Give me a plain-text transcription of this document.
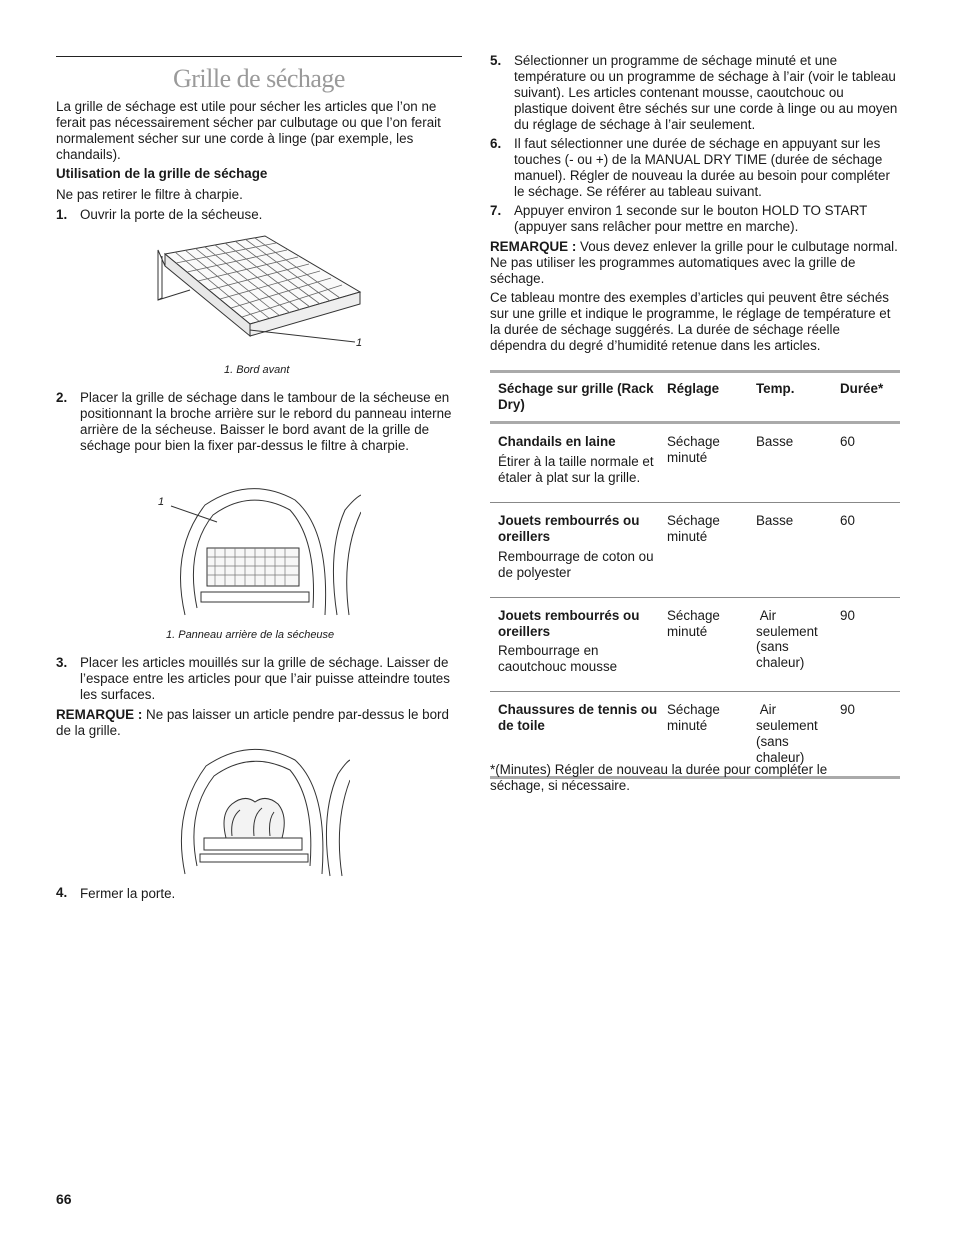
Grille de séchage

La grille de séchage est utile pour sécher les articles que l’on ne ferait pas nécessairement sécher par culbutage ou que l’on ferait normalement sécher sur une corde à linge (par exemple, les chandails).

Utilisation de la grille de séchage

Ne pas retirer le filtre à charpie.

1. Ouvrir la porte de la sécheuse.

1
1. Bord avant
2. Placer la grille de séchage dans le tambour de la sécheuse en positionnant la broche arrière sur le rebord du panneau interne arrière de la sécheuse. Baisser le bord avant de la grille de séchage pour bien la fixer par-dessus le filtre à charpie.

1
1. Panneau arrière de la sécheuse
3. Placer les articles mouillés sur la grille de séchage. Laisser de l’espace entre les articles pour que l’air puisse atteindre toutes les surfaces.

REMARQUE : Ne pas laisser un article pendre par-dessus le bord de la grille.

4. Fermer la porte.

5. Sélectionner un programme de séchage minuté et une température ou un programme de séchage à l’air (voir le tableau suivant). Les articles contenant mousse, caoutchouc ou plastique doivent être séchés sur une corde à linge ou au moyen du réglage de séchage à l’air seulement.

6. Il faut sélectionner une durée de séchage en appuyant sur les touches (- ou +) de la MANUAL DRY TIME (durée de séchage manuel). Régler de nouveau la durée au besoin pour compléter le séchage. Se référer au tableau suivant.

7. Appuyer environ 1 seconde sur le bouton HOLD TO START (appuyer sans relâcher pour mettre en marche).

REMARQUE : Vous devez enlever la grille pour le culbutage normal. Ne pas utiliser les programmes automatiques avec la grille de séchage.

Ce tableau montre des exemples d’articles qui peuvent être séchés sur une grille et indique le programme, le réglage de température et la durée de séchage suggérés. La durée de séchage réelle dépendra du degré d’humidité retenue dans les articles.

Séchage sur grille (Rack Dry)	Réglage	Temp.	Durée*

Chandails en laine
Étirer à la taille normale et étaler à plat sur la grille.	Séchage minuté	Basse	60

Jouets rembourrés ou oreillers
Rembourrage de coton ou de polyester	Séchage minuté	Basse	60

Jouets rembourrés ou oreillers
Rembourrage en caoutchouc mousse	Séchage minuté	Air seulement (sans chaleur)	90

Chaussures de tennis ou de toile	Séchage minuté	Air seulement (sans chaleur)	90

*(Minutes) Régler de nouveau la durée pour compléter le séchage, si nécessaire.

66
